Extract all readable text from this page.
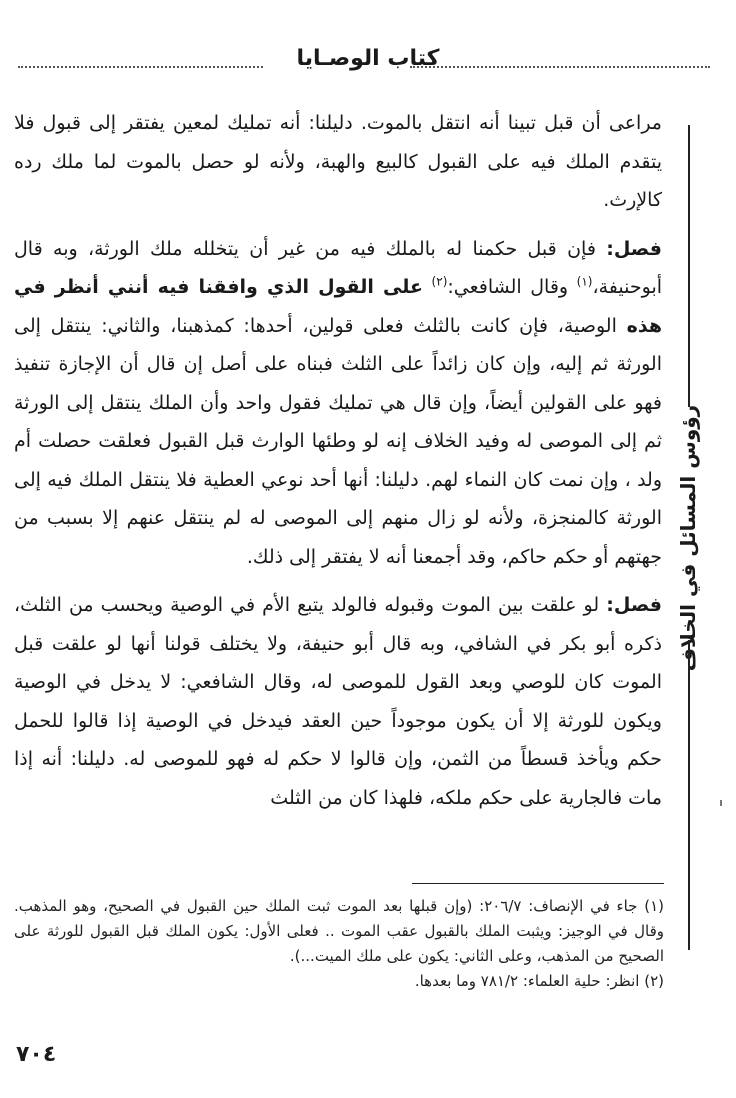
كتاب الوصـايا
رؤوس المسائل في الخلاف

مراعى أن قبل تبينا أنه انتقل بالموت. دليلنا: أنه تمليك لمعين يفتقر إلى قبول فلا يتقدم الملك فيه على القبول كالبيع والهبة، ولأنه لو حصل بالموت لما ملك رده كالإرث.

فصل: فإن قبل حكمنا له بالملك فيه من غير أن يتخلله ملك الورثة، وبه قال أبوحنيفة،$^{(١)}$ وقال الشافعي:$^{(٢)}$ على القول الذي وافقنا فيه أنني أنظر في هذه الوصية، فإن كانت بالثلث فعلى قولين، أحدها: كمذهبنا، والثاني: ينتقل إلى الورثة ثم إليه، وإن كان زائداً على الثلث فبناه على أصل إن قال أن الإجازة تنفيذ فهو على القولين أيضاً، وإن قال هي تمليك فقول واحد وأن الملك ينتقل إلى الورثة ثم إلى الموصى له وفيد الخلاف إنه لو وطئها الوارث قبل القبول فعلقت حصلت أم ولد ، وإن نمت كان النماء لهم. دليلنا: أنها أحد نوعي العطية فلا ينتقل الملك فيه إلى الورثة كالمنجزة، ولأنه لو زال منهم إلى الموصى له لم ينتقل عنهم إلا بسبب من جهتهم أو حكم حاكم، وقد أجمعنا أنه لا يفتقر إلى ذلك.

فصل: لو علقت بين الموت وقبوله فالولد يتبع الأم في الوصية ويحسب من الثلث، ذكره أبو بكر في الشافي، وبه قال أبو حنيفة، ولا يختلف قولنا أنها لو علقت قبل الموت كان للوصي وبعد القول للموصى له، وقال الشافعي: لا يدخل في الوصية ويكون للورثة إلا أن يكون موجوداً حين العقد فيدخل في الوصية إذا قالوا للحمل حكم ويأخذ قسطاً من الثمن، وإن قالوا لا حكم له فهو للموصى له. دليلنا: أنه إذا مات فالجارية على حكم ملكه، فلهذا كان من الثلث

(١) جاء في الإنصاف: ٢٠٦/٧: (وإن قبلها بعد الموت ثبت الملك حين القبول في الصحيح، وهو المذهب. وقال في الوجيز: ويثبت الملك بالقبول عقب الموت .. فعلى الأول: يكون الملك قبل القبول للورثة على الصحيح من المذهب، وعلى الثاني: يكون على ملك الميت...).

(٢) انظر: حلية العلماء: ٧٨١/٢ وما بعدها.

٧٠٤
